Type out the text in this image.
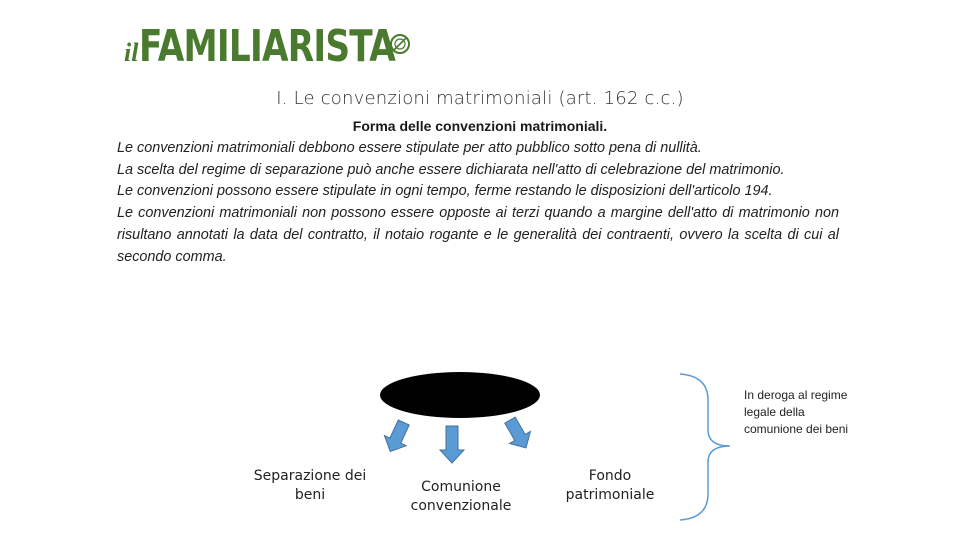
il FAMILIARISTA
I. Le convenzioni matrimoniali (art. 162 c.c.)
Forma delle convenzioni matrimoniali.

Le convenzioni matrimoniali debbono essere stipulate per atto pubblico sotto pena di nullità.

La scelta del regime di separazione può anche essere dichiarata nell'atto di celebrazione del matrimonio.

Le convenzioni possono essere stipulate in ogni tempo, ferme restando le disposizioni dell'articolo 194.

Le convenzioni matrimoniali non possono essere opposte ai terzi quando a margine dell'atto di matrimonio non risultano annotati la data del contratto, il notaio rogante e le generalità dei contraenti, ovvero la scelta di cui al secondo comma.

Separazione dei beni	Comunione convenzionale
Fondo patrimoniale
In deroga al regime legale della comunione dei beni
